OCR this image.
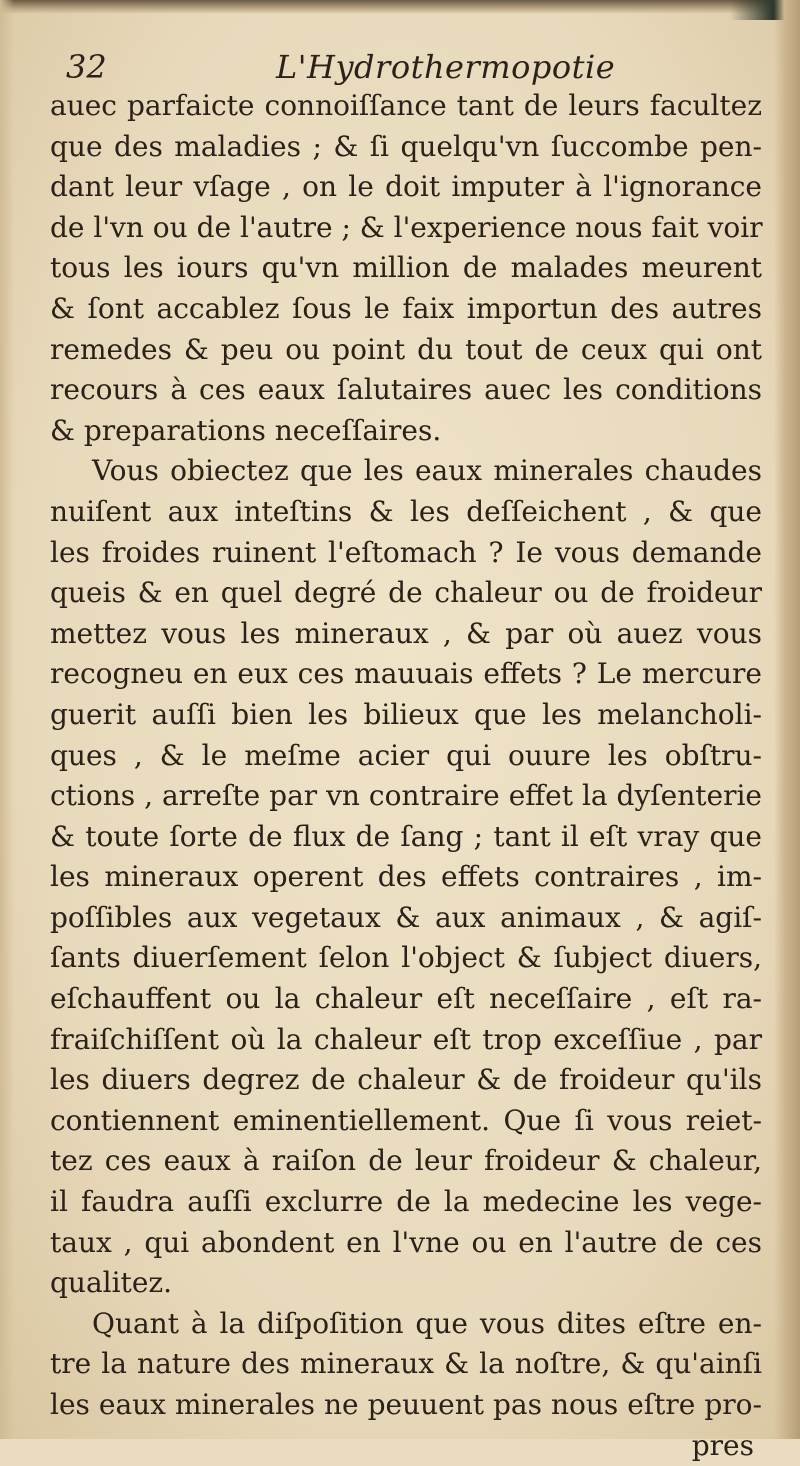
32	L'Hydrothermopotie
auec parfaicte connoiſſance tant de leurs facultez
que des maladies ; & ſi quelqu'vn ſuccombe pen-
dant leur vſage , on le doit imputer à l'ignorance
de l'vn ou de l'autre ; & l'experience nous fait voir
tous les iours qu'vn million de malades meurent
& ſont accablez ſous le faix importun des autres
remedes & peu ou point du tout de ceux qui ont
recours à ces eaux ſalutaires auec les conditions
& preparations neceſſaires.
Vous obiectez que les eaux minerales chaudes
nuiſent aux inteſtins & les deſſeichent , & que
les froides ruinent l'eſtomach ? Ie vous demande
queis & en quel degré de chaleur ou de froideur
mettez vous les mineraux , & par où auez vous
recogneu en eux ces mauuais effets ? Le mercure
guerit auſſi bien les bilieux que les melancholi-
ques , & le meſme acier qui ouure les obſtru-
ctions , arreſte par vn contraire effet la dyſenterie
& toute ſorte de flux de ſang ; tant il eſt vray que
les mineraux operent des effets contraires , im-
poſſibles aux vegetaux & aux animaux , & agiſ-
ſants diuerſement ſelon l'object & ſubject diuers,
eſchauffent ou la chaleur eſt neceſſaire , eſt ra-
fraiſchiſſent où la chaleur eſt trop exceſſiue , par
les diuers degrez de chaleur & de froideur qu'ils
contiennent eminentiellement. Que ſi vous reiet-
tez ces eaux à raiſon de leur froideur & chaleur,
il faudra auſſi exclurre de la medecine les vege-
taux , qui abondent en l'vne ou en l'autre de ces
qualitez.
Quant à la diſpoſition que vous dites eſtre en-
tre la nature des mineraux & la noſtre, & qu'ainſi
les eaux minerales ne peuuent pas nous eſtre pro-
pres
